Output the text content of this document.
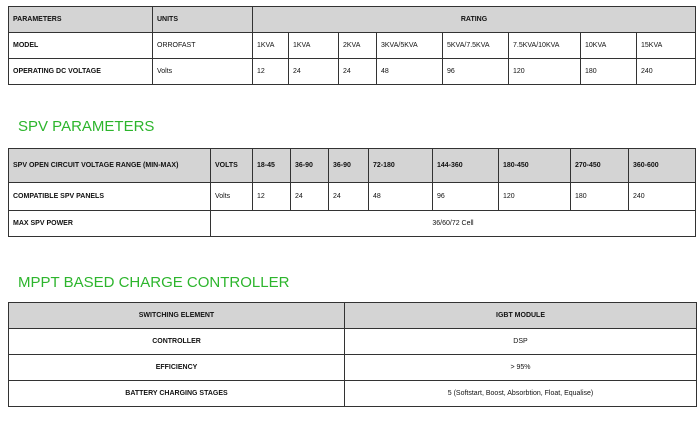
PARAMETERS	UNITS	RATING							
MODEL	ORROFAST	1KVA	1KVA	2KVA	3KVA/5KVA	5KVA/7.5KVA	7.5KVA/10KVA	10KVA	15KVA
OPERATING DC VOLTAGE	Volts	12	24	24	48	96	120	180	240
SPV PARAMETERS
SPV OPEN CIRCUIT VOLTAGE RANGE (MIN-MAX)	VOLTS	18-45	36-90	36-90	72-180	144-360	180-450	270-450	360-600
COMPATIBLE SPV PANELS	Volts	12	24	24	48	96	120	180	240
MAX SPV POWER	36/60/72 Cell								
MPPT BASED CHARGE CONTROLLER
SWITCHING ELEMENT	IGBT MODULE
CONTROLLER	DSP
EFFICIENCY	> 95%
BATTERY CHARGING STAGES	5 (Softstart, Boost, Absorbtion, Float, Equalise)
